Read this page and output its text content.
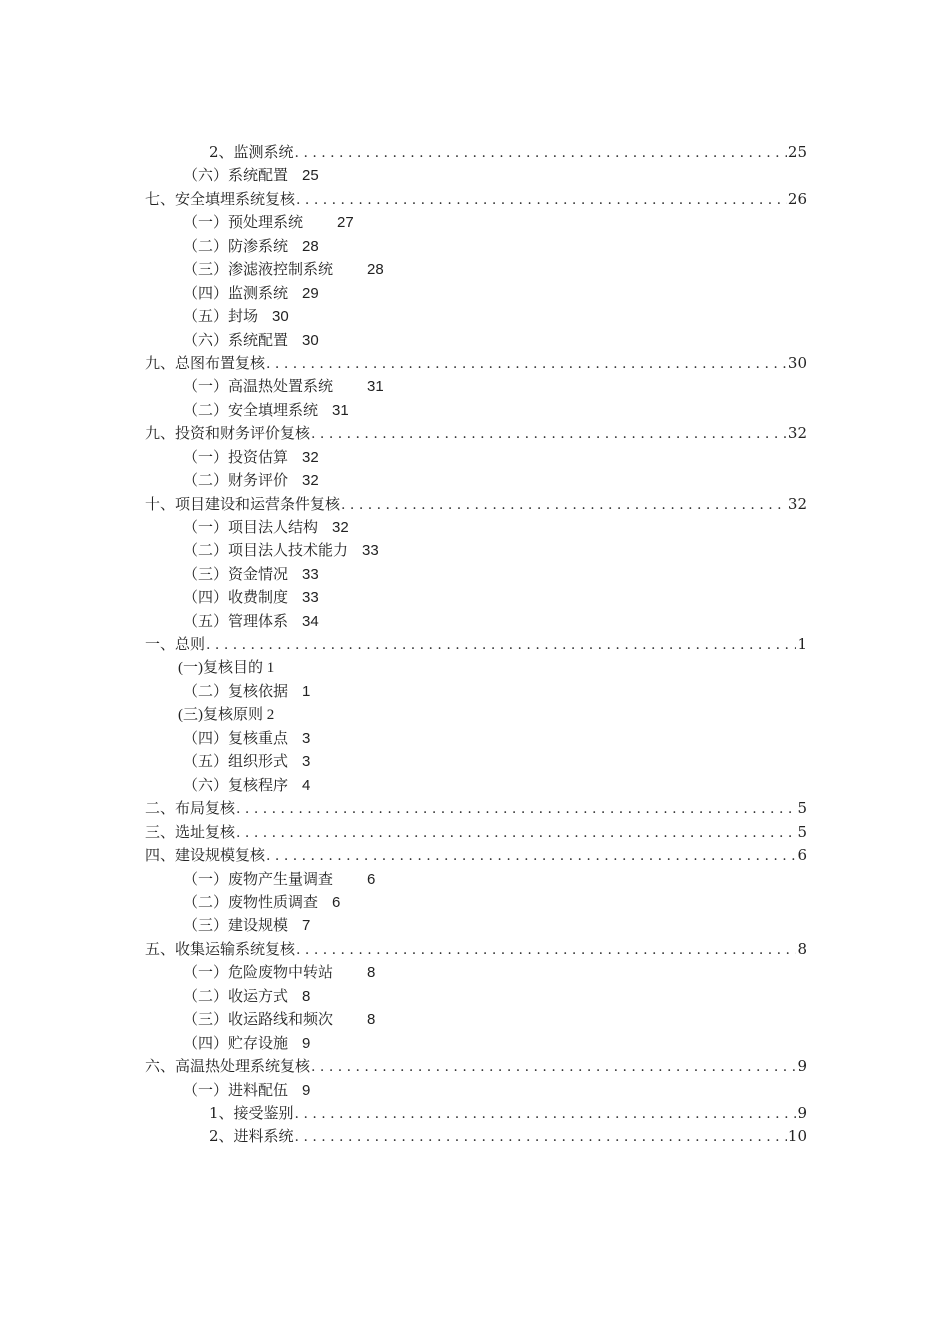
2、监测系统 . . .	25
（六）系统配置 25
七、安全填埋系统复核 . . .	26
（一）预处理系统 27
（二）防渗系统 28
（三）渗滤液控制系统 28
（四）监测系统 29
（五）封场 30
（六）系统配置 30
九、总图布置复核 . . .	30
（一）高温热处置系统 31
（二）安全填埋系统 31
九、投资和财务评价复核 . . .	32
（一）投资估算 32
（二）财务评价 32
十、项目建设和运营条件复核 . . .	32
（一）项目法人结构 32
（二）项目法人技术能力 33
（三）资金情况 33
（四）收费制度 33
（五）管理体系 34
一、总则 . . .	1
(一)复核目的 1
（二）复核依据 1
(三)复核原则 2
（四）复核重点 3
（五）组织形式 3
（六）复核程序 4
二、布局复核 . . .	5
三、选址复核 . . .	5
四、建设规模复核 . . .	6
（一）废物产生量调查 6
（二）废物性质调查 6
（三）建设规模 7
五、收集运输系统复核 . . .	8
（一）危险废物中转站 8
（二）收运方式 8
（三）收运路线和频次 8
（四）贮存设施 9
六、高温热处理系统复核 . . .	9
（一）进料配伍 9
1、接受鉴别 . . .	9
2、进料系统 . . .	10
